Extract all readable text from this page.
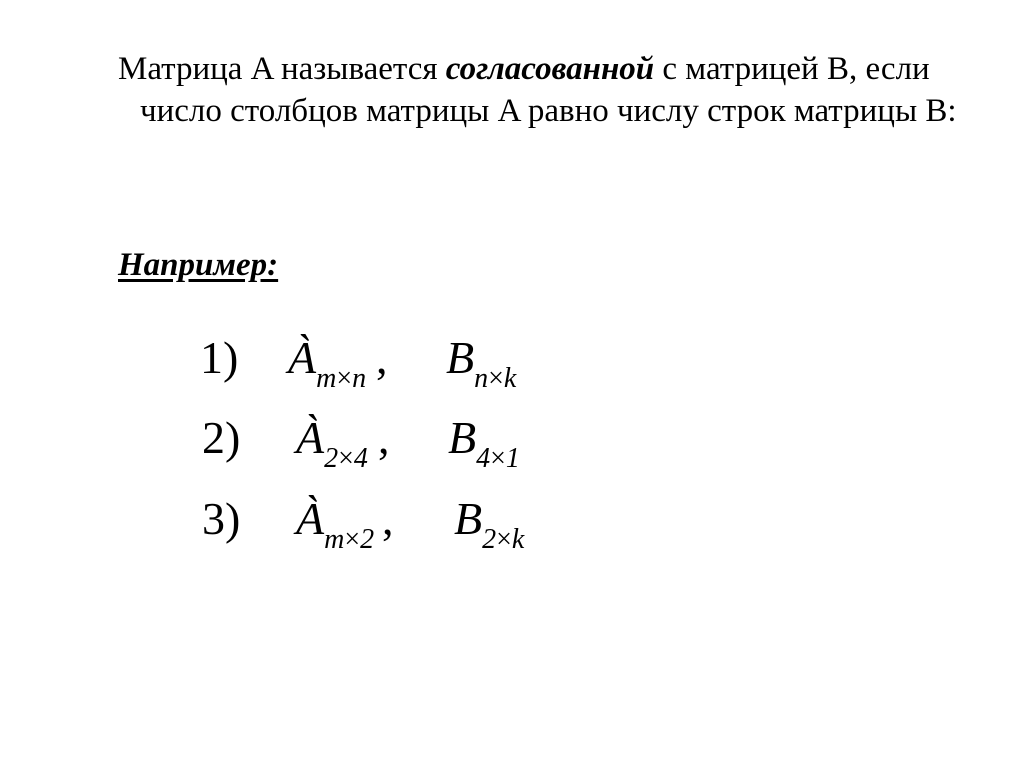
Матрица A называется согласованной с матрицей B, если число столбцов матрицы A равно числу строк матрицы B:
Например:
1) $À_{m\times n}$ , $B_{n\times k}$
2) $À_{2\times 4}$ , $B_{4\times 1}$
3) $À_{m\times 2}$ , $B_{2\times k}$
